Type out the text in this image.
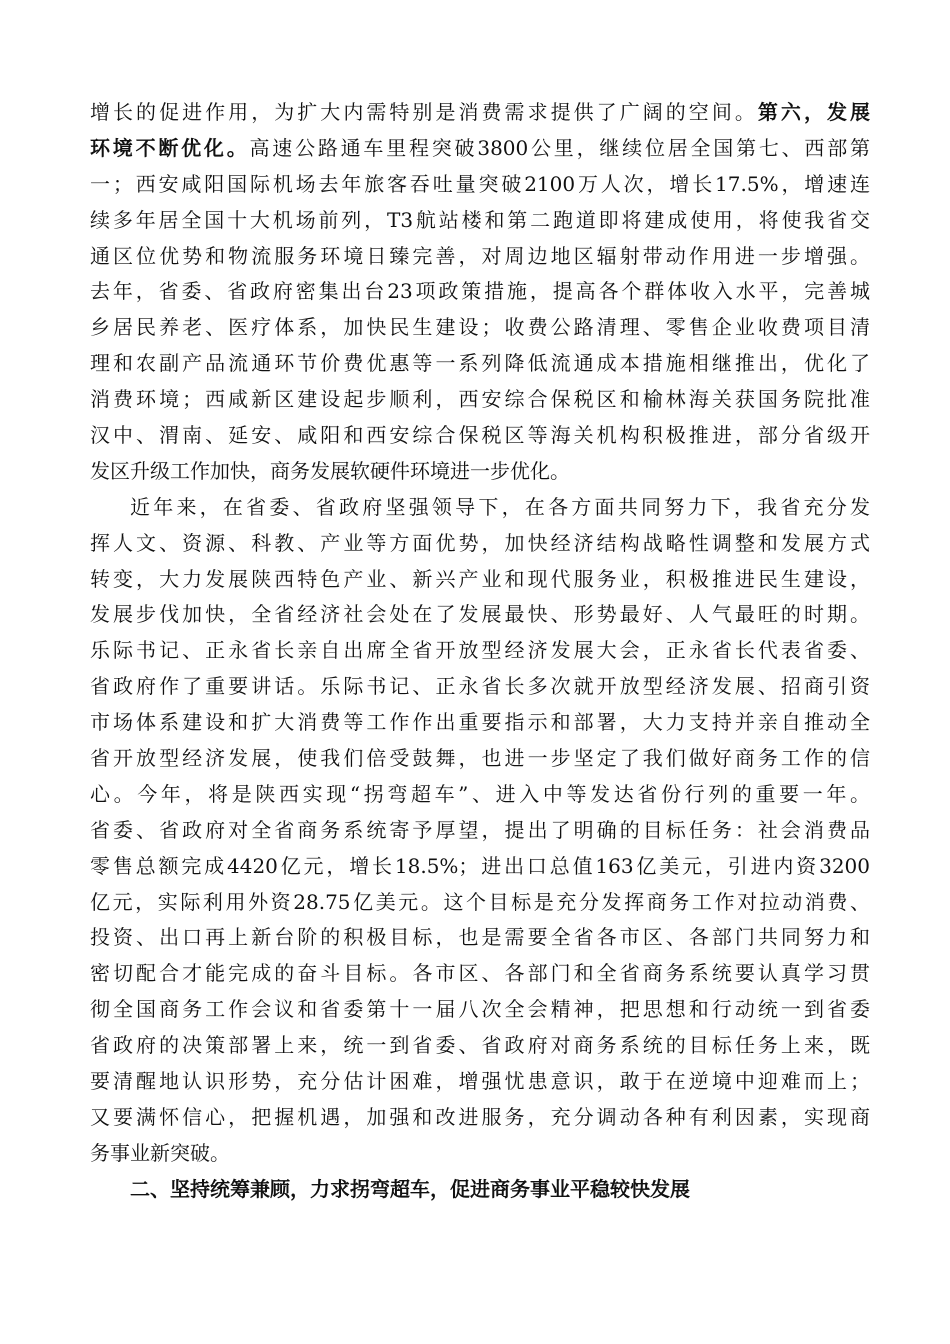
增长的促进作用，为扩大内需特别是消费需求提供了广阔的空间。第六，发展
环境不断优化。高速公路通车里程突破3800公里，继续位居全国第七、西部第
一；西安咸阳国际机场去年旅客吞吐量突破2100万人次，增长17.5%，增速连
续多年居全国十大机场前列，T3航站楼和第二跑道即将建成使用，将使我省交
通区位优势和物流服务环境日臻完善，对周边地区辐射带动作用进一步增强。
去年，省委、省政府密集出台23项政策措施，提高各个群体收入水平，完善城
乡居民养老、医疗体系，加快民生建设；收费公路清理、零售企业收费项目清
理和农副产品流通环节价费优惠等一系列降低流通成本措施相继推出，优化了
消费环境；西咸新区建设起步顺利，西安综合保税区和榆林海关获国务院批准
汉中、渭南、延安、咸阳和西安综合保税区等海关机构积极推进，部分省级开
发区升级工作加快，商务发展软硬件环境进一步优化。
近年来，在省委、省政府坚强领导下，在各方面共同努力下，我省充分发
挥人文、资源、科教、产业等方面优势，加快经济结构战略性调整和发展方式
转变，大力发展陕西特色产业、新兴产业和现代服务业，积极推进民生建设，
发展步伐加快，全省经济社会处在了发展最快、形势最好、人气最旺的时期。
乐际书记、正永省长亲自出席全省开放型经济发展大会，正永省长代表省委、
省政府作了重要讲话。乐际书记、正永省长多次就开放型经济发展、招商引资
市场体系建设和扩大消费等工作作出重要指示和部署，大力支持并亲自推动全
省开放型经济发展，使我们倍受鼓舞，也进一步坚定了我们做好商务工作的信
心。今年，将是陕西实现“拐弯超车”、进入中等发达省份行列的重要一年。
省委、省政府对全省商务系统寄予厚望，提出了明确的目标任务：社会消费品
零售总额完成4420亿元，增长18.5%；进出口总值163亿美元，引进内资3200
亿元，实际利用外资28.75亿美元。这个目标是充分发挥商务工作对拉动消费、
投资、出口再上新台阶的积极目标，也是需要全省各市区、各部门共同努力和
密切配合才能完成的奋斗目标。各市区、各部门和全省商务系统要认真学习贯
彻全国商务工作会议和省委第十一届八次全会精神，把思想和行动统一到省委
省政府的决策部署上来，统一到省委、省政府对商务系统的目标任务上来，既
要清醒地认识形势，充分估计困难，增强忧患意识，敢于在逆境中迎难而上；
又要满怀信心，把握机遇，加强和改进服务，充分调动各种有利因素，实现商
务事业新突破。
二、坚持统筹兼顾，力求拐弯超车，促进商务事业平稳较快发展
